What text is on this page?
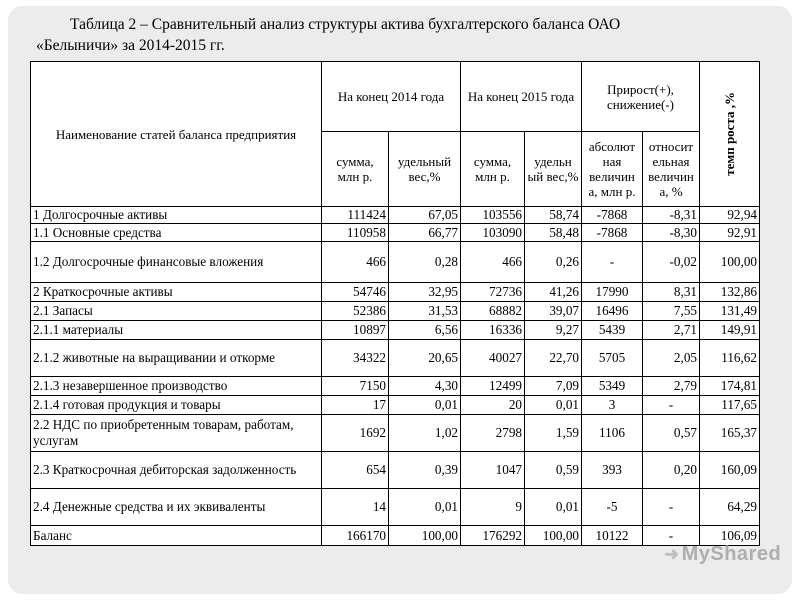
Таблица 2 – Сравнительный анализ структуры актива бухгалтерского баланса ОАО
«Белыничи» за 2014-2015 гг.
Наименование статей баланса предприятия	На конец 2014 года		На конец 2015 года		Прирост(+), снижение(-)		темп роста ,%

	сумма, млн р.	удельный вес,%	сумма, млн р.	удельн ый вес,%	абсолют ная величин а, млн р.	относит ельная величин а, %	
1 Долгосрочные активы	111424	67,05	103556	58,74	-7868	-8,31	92,94
1.1 Основные средства	110958	66,77	103090	58,48	-7868	-8,30	92,91
1.2 Долгосрочные финансовые вложения	466	0,28	466	0,26	-	-0,02	100,00
2 Краткосрочные активы	54746	32,95	72736	41,26	17990	8,31	132,86
2.1 Запасы	52386	31,53	68882	39,07	16496	7,55	131,49
2.1.1 материалы	10897	6,56	16336	9,27	5439	2,71	149,91
2.1.2 животные на выращивании и откорме	34322	20,65	40027	22,70	5705	2,05	116,62
2.1.3 незавершенное производство	7150	4,30	12499	7,09	5349	2,79	174,81
2.1.4 готовая продукция и товары	17	0,01	20	0,01	3	-	117,65
2.2 НДС по приобретенным товарам, работам, услугам	1692	1,02	2798	1,59	1106	0,57	165,37
2.3 Краткосрочная дебиторская задолженность	654	0,39	1047	0,59	393	0,20	160,09
2.4 Денежные средства и их эквиваленты	14	0,01	9	0,01	-5	-	64,29
Баланс	166170	100,00	176292	100,00	10122	-	106,09
➜ MyShared
